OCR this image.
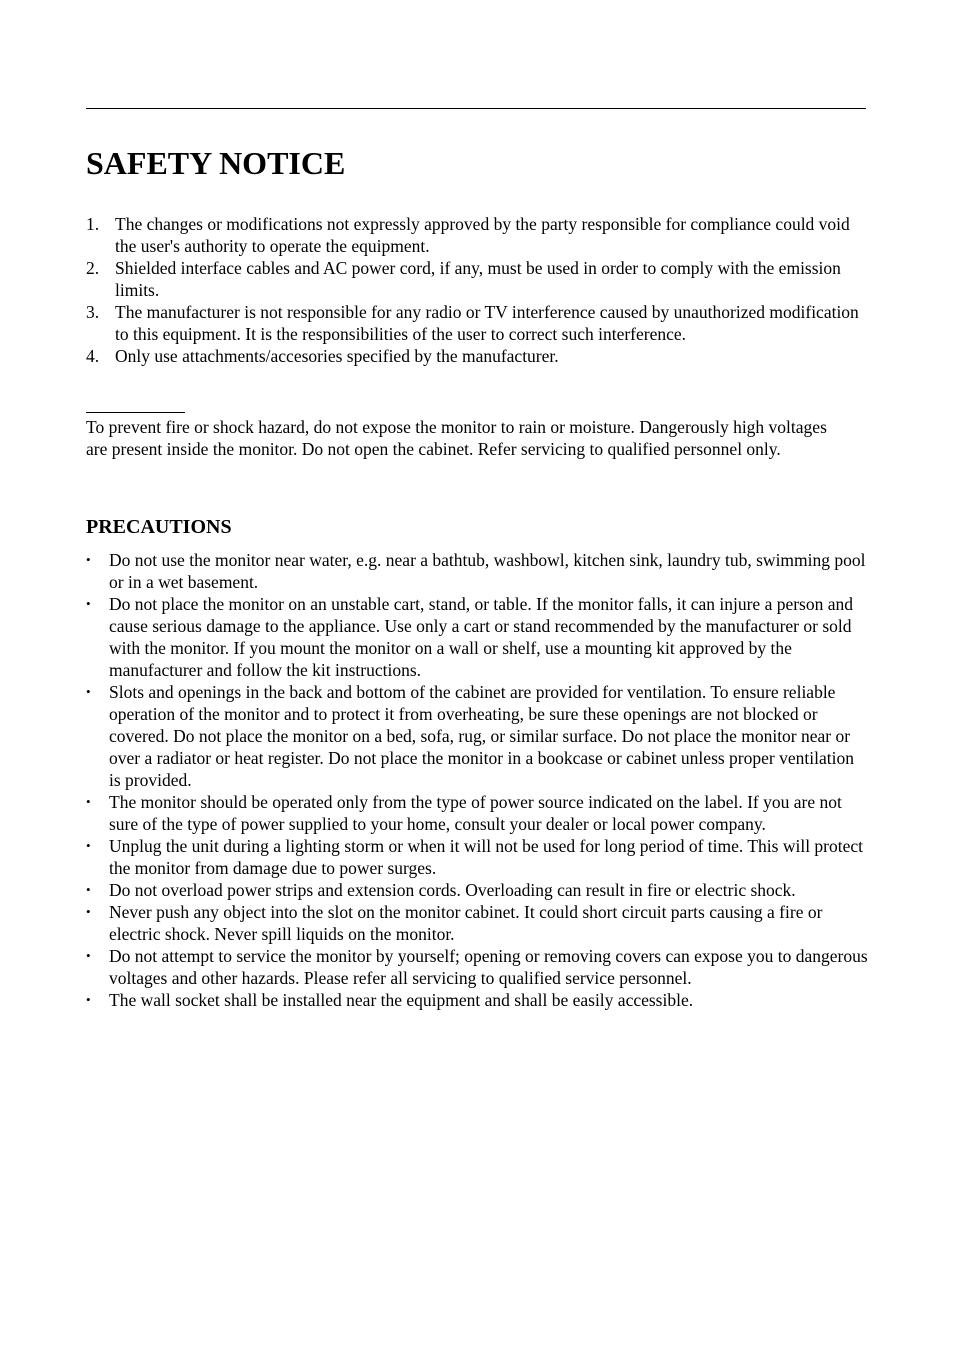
SAFETY NOTICE
1. The changes or modifications not expressly approved by the party responsible for compliance could void the user's authority to operate the equipment.
2. Shielded interface cables and AC power cord, if any, must be used in order to comply with the emission limits.
3. The manufacturer is not responsible for any radio or TV interference caused by unauthorized modification to this equipment. It is the responsibilities of the user to correct such interference.
4. Only use attachments/accesories specified by the manufacturer.

To prevent fire or shock hazard, do not expose the monitor to rain or moisture. Dangerously high voltages are present inside the monitor. Do not open the cabinet. Refer servicing to qualified personnel only.

PRECAUTIONS
• Do not use the monitor near water, e.g. near a bathtub, washbowl, kitchen sink, laundry tub, swimming pool or in a wet basement.
• Do not place the monitor on an unstable cart, stand, or table. If the monitor falls, it can injure a person and cause serious damage to the appliance. Use only a cart or stand recommended by the manufacturer or sold with the monitor. If you mount the monitor on a wall or shelf, use a mounting kit approved by the manufacturer and follow the kit instructions.
• Slots and openings in the back and bottom of the cabinet are provided for ventilation. To ensure reliable operation of the monitor and to protect it from overheating, be sure these openings are not blocked or covered. Do not place the monitor on a bed, sofa, rug, or similar surface. Do not place the monitor near or over a radiator or heat register. Do not place the monitor in a bookcase or cabinet unless proper ventilation is provided.
• The monitor should be operated only from the type of power source indicated on the label. If you are not sure of the type of power supplied to your home, consult your dealer or local power company.
• Unplug the unit during a lighting storm or when it will not be used for long period of time. This will protect the monitor from damage due to power surges.
• Do not overload power strips and extension cords. Overloading can result in fire or electric shock.
• Never push any object into the slot on the monitor cabinet. It could short circuit parts causing a fire or electric shock. Never spill liquids on the monitor.
• Do not attempt to service the monitor by yourself; opening or removing covers can expose you to dangerous voltages and other hazards. Please refer all servicing to qualified service personnel.
• The wall socket shall be installed near the equipment and shall be easily accessible.
